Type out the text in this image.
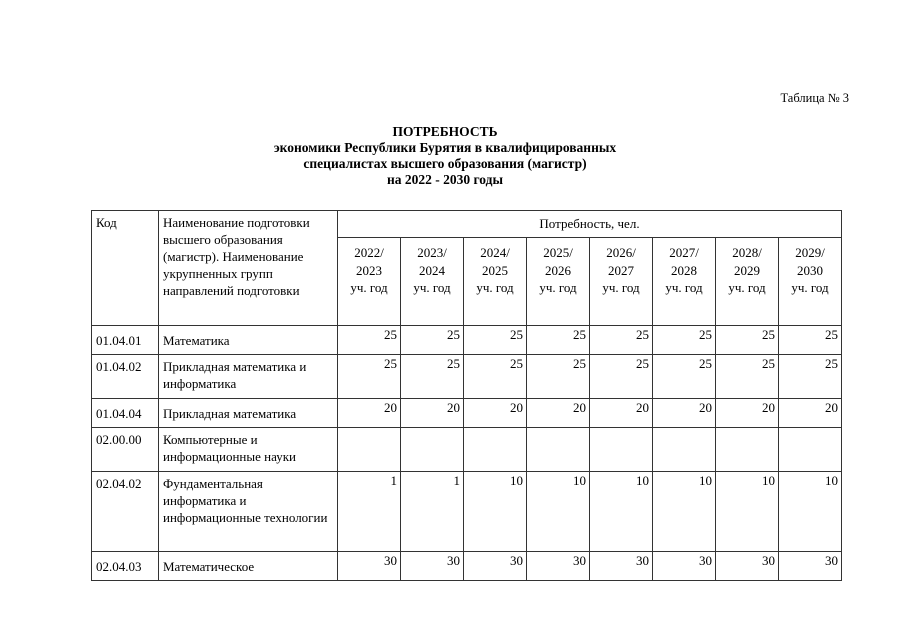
Таблица № 3
ПОТРЕБНОСТЬ
экономики Республики Бурятия в квалифицированных
специалистах высшего образования (магистр)
на 2022 - 2030 годы
Код	Наименование подготовки высшего образования (магистр). Наименование укрупненных групп направлений подготовки	Потребность, чел.							
		2022/
2023
уч. год	2023/
2024
уч. год	2024/
2025
уч. год	2025/
2026
уч. год	2026/
2027
уч. год	2027/
2028
уч. год	2028/
2029
уч. год	2029/
2030
уч. год
01.04.01	Математика	25	25	25	25	25	25	25	25
01.04.02	Прикладная математика и информатика	25	25	25	25	25	25	25	25
01.04.04	Прикладная математика	20	20	20	20	20	20	20	20
02.00.00	Компьютерные и информационные науки								
02.04.02	Фундаментальная информатика и информационные технологии	1	1	10	10	10	10	10	10
02.04.03	Математическое	30	30	30	30	30	30	30	30
